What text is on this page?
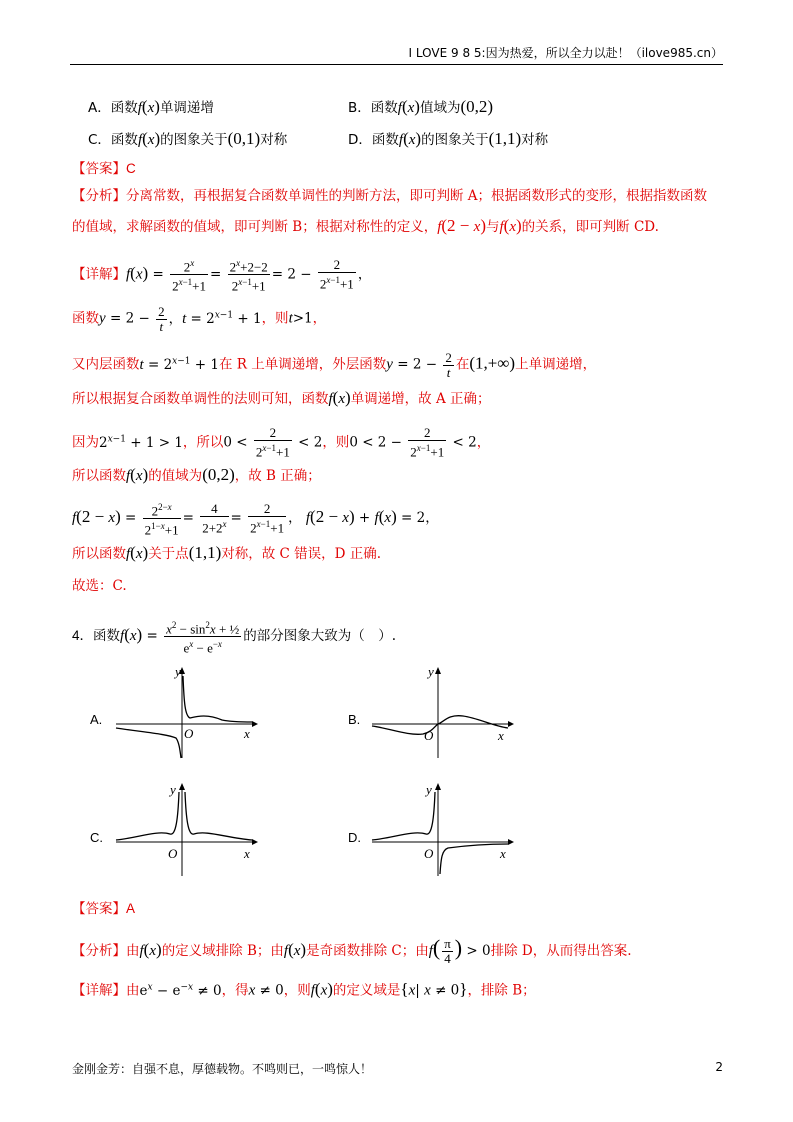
I LOVE 9 8 5:因为热爱，所以全力以赴！（ilove985.cn）
A．函数f(x)单调递增	B．函数f(x)值域为(0,2)
C．函数f(x)的图象关于(0,1)对称	D．函数f(x)的图象关于(1,1)对称
【答案】C
【分析】分离常数，再根据复合函数单调性的判断方法，即可判断 A；根据函数形式的变形，根据指数函数
的值域，求解函数的值域，即可判断 B；根据对称性的定义，f(2 − x)与f(x)的关系，即可判断 CD.
【详解】$f(x) = \frac{2^x}{2^{x-1}+1} = \frac{2^x+2-2}{2^{x-1}+1} = 2 - \frac{2}{2^{x-1}+1}$ ，
函数$y = 2 - \frac{2}{t}$ ，$t = 2^{x-1} + 1$，则t>1，
又内层函数$t = 2^{x-1} + 1$在 R 上单调递增，外层函数$y = 2 - \frac{2}{t}$ 在(1,+∞)上单调递增，
所以根据复合函数单调性的法则可知，函数f(x)单调递增，故 A 正确；
因为$2^{x-1} + 1 > 1$，所以$0 < \frac{2}{2^{x-1}+1} < 2$，则$0 < 2 - \frac{2}{2^{x-1}+1} < 2$，
所以函数f(x)的值域为(0,2)，故 B 正确；
$f(2 - x) = \frac{2^{2-x}}{2^{1-x}+1} = \frac{4}{2+2^x} = \frac{2}{2^{x-1}+1}$ ， f(2 − x) + f(x) = 2，
所以函数f(x)关于点(1,1)对称，故 C 错误，D 正确.
故选：C.
4．函数$f(x) = \frac{x^2 - \sin^2x + \frac{1}{2}}{e^x - e^{-x}}$ 的部分图象大致为（　）.
A.	B.
C.	D.
y
O	x
y
O	x
y
O	x
y
O	x
【答案】A
【分析】由f(x)的定义域排除 B；由f(x)是奇函数排除 C；由$f( \frac{\pi}{4}$ ) > 0排除 D，从而得出答案.
【详解】由$e^x - e^{-x} \ne 0$，得x ≠ 0，则f(x)的定义域是{x| x ≠ 0}，排除 B；
金刚金芳：自强不息，厚德载物。不鸣则已，一鸣惊人！	2
